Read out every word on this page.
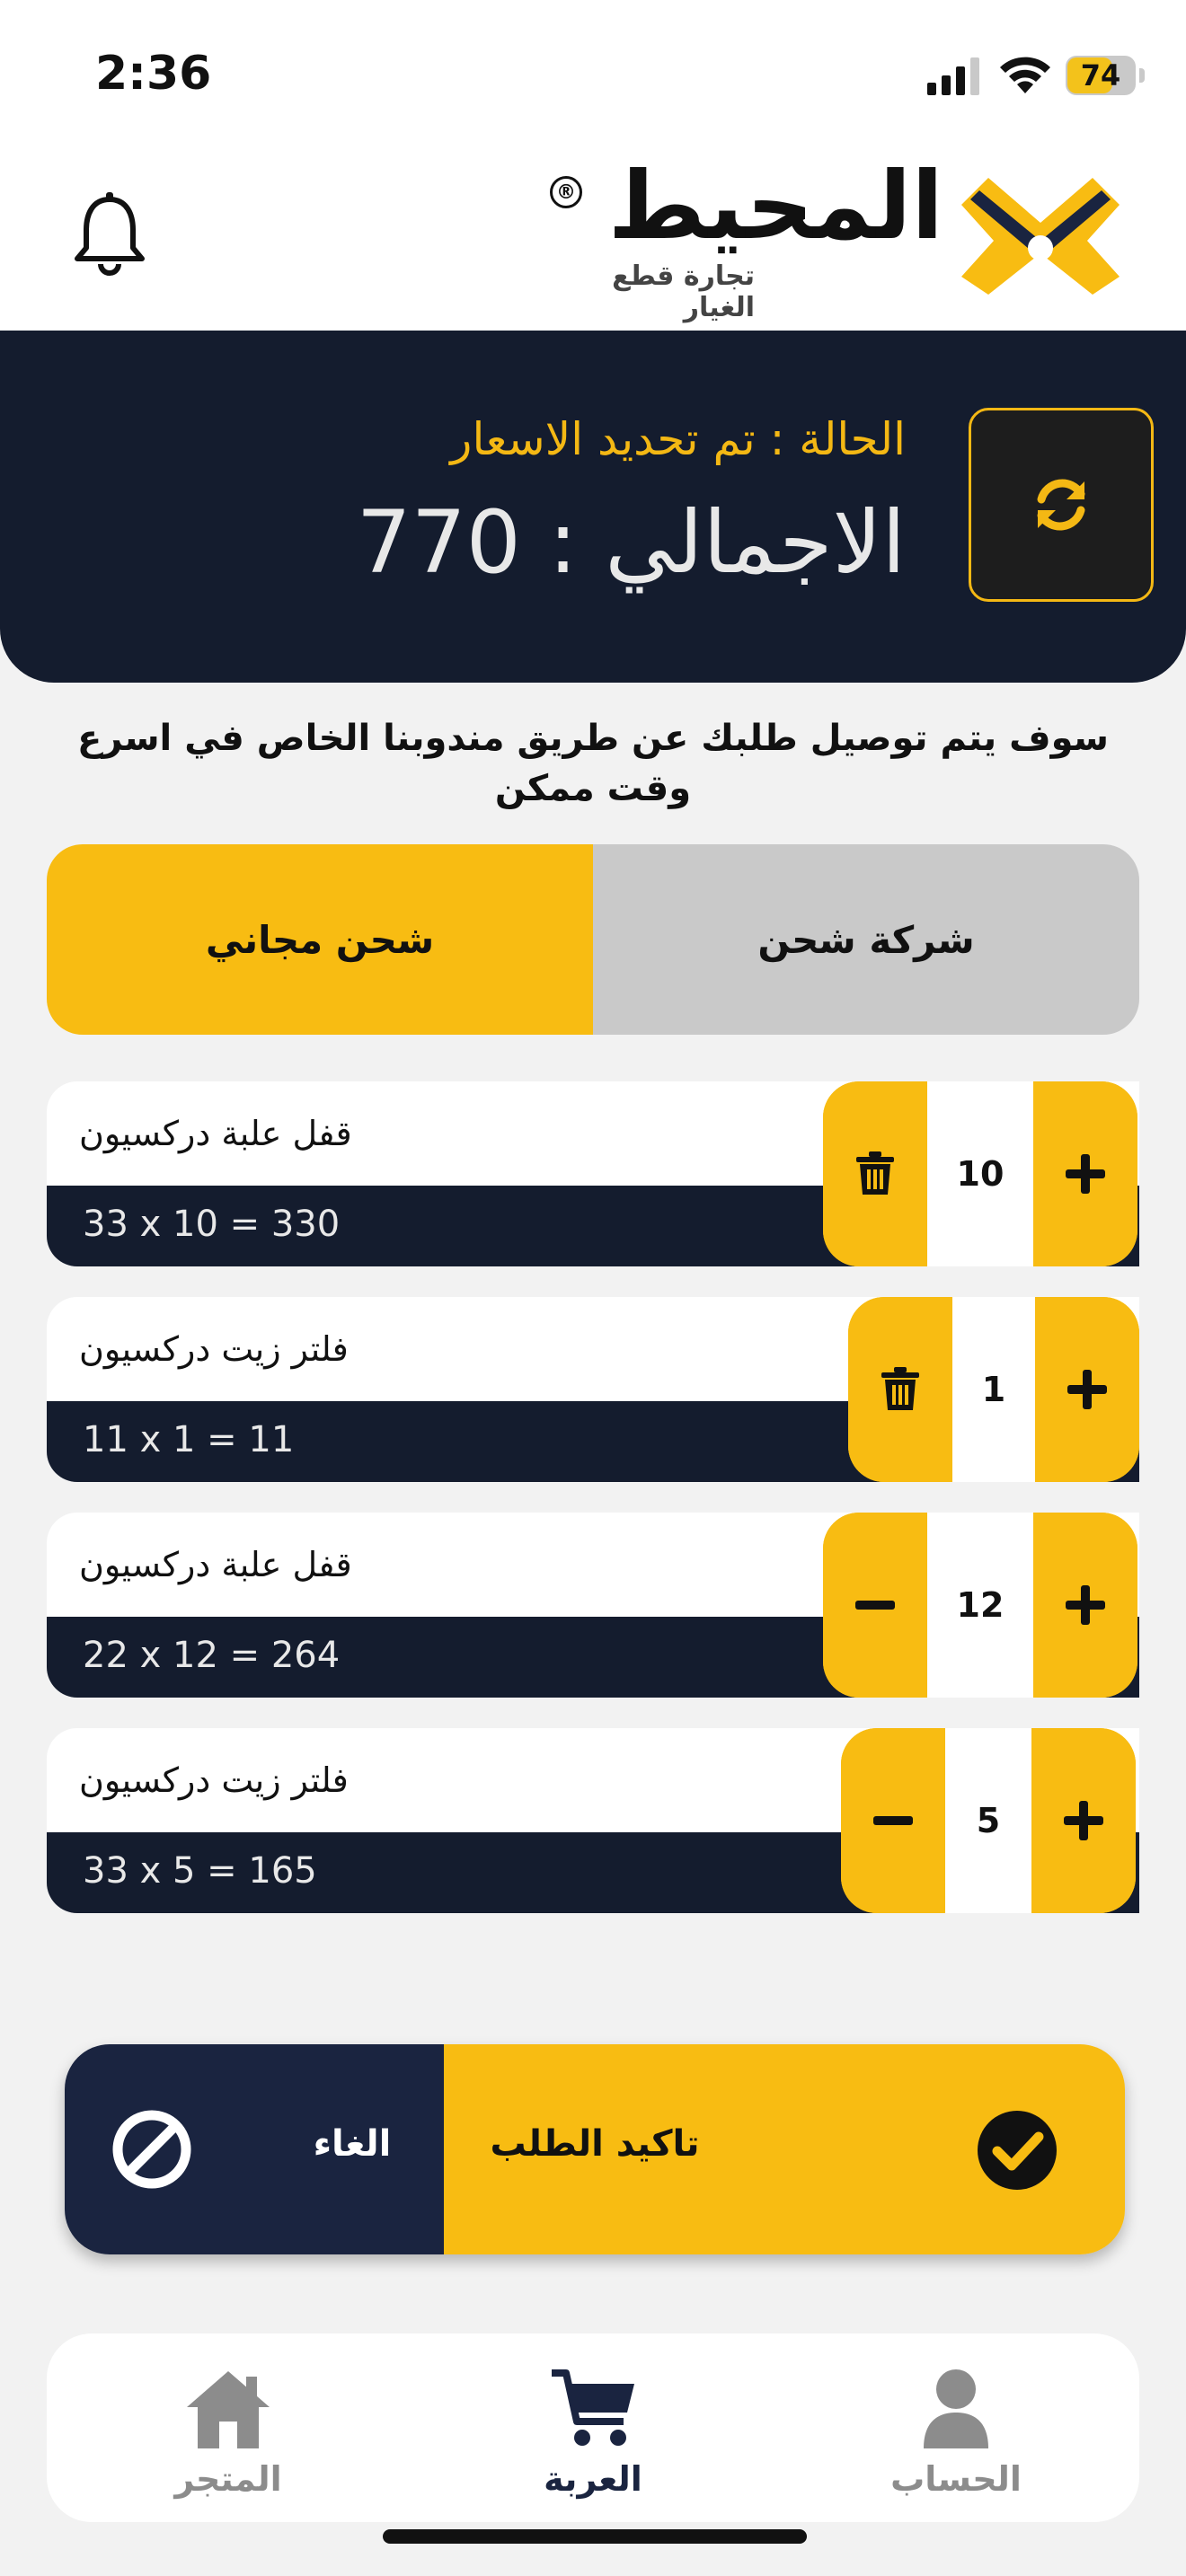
2:36	74
المحيط
®
تجارة قطع الغيار
الحالة : تم تحديد الاسعار
الاجمالي : 770
سوف يتم توصيل طلبك عن طريق مندوبنا الخاص في اسرع وقت ممكن
شحن مجاني	شركة شحن
قفل علبة دركسيون
33 x 10 = 330
10
فلتر زيت دركسيون
11 x 1 = 11
1
قفل علبة دركسيون
22 x 12 = 264
12
فلتر زيت دركسيون
33 x 5 = 165
5
الغاء	تاكيد الطلب
المتجر	العربة	الحساب
